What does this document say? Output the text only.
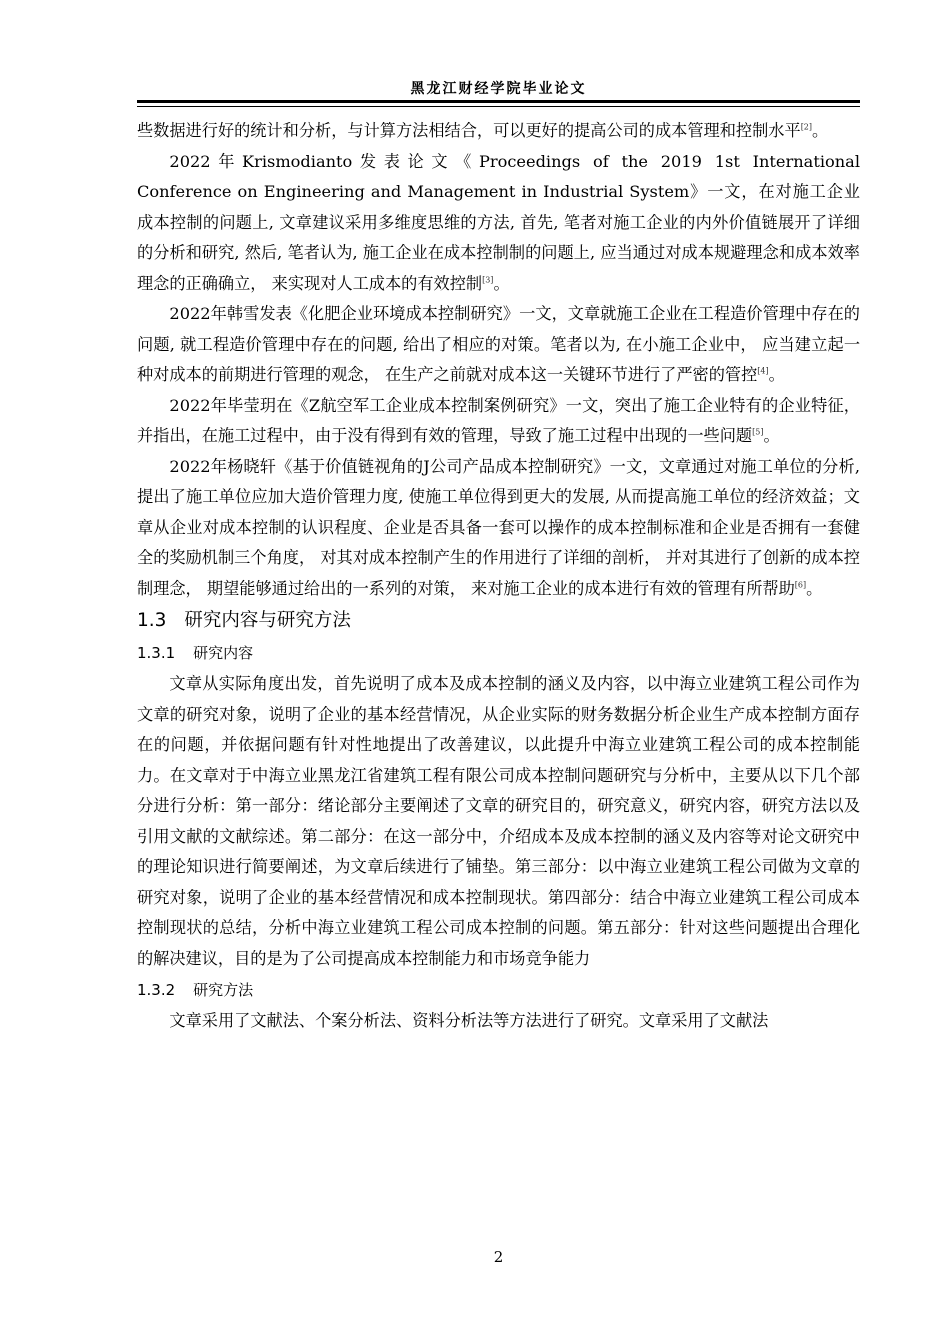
黑龙江财经学院毕业论文

些数据进行好的统计和分析，与计算方法相结合，可以更好的提高公司的成本管理和控制水平[2]。

2022年Krismodianto发表论文《Proceedings of the 2019 1st International Conference on Engineering and Management in Industrial System》一文，在对施工企业成本控制的问题上, 文章建议采用多维度思维的方法, 首先, 笔者对施工企业的内外价值链展开了详细的分析和研究, 然后, 笔者认为, 施工企业在成本控制制的问题上, 应当通过对成本规避理念和成本效率理念的正确确立， 来实现对人工成本的有效控制[3]。

2022年韩雪发表《化肥企业环境成本控制研究》一文，文章就施工企业在工程造价管理中存在的问题, 就工程造价管理中存在的问题, 给出了相应的对策。笔者以为, 在小施工企业中， 应当建立起一种对成本的前期进行管理的观念， 在生产之前就对成本这一关键环节进行了严密的管控[4]。

2022年毕莹玥在《Z航空军工企业成本控制案例研究》一文，突出了施工企业特有的企业特征，并指出，在施工过程中，由于没有得到有效的管理，导致了施工过程中出现的一些问题[5]。

2022年杨晓轩《基于价值链视角的J公司产品成本控制研究》一文，文章通过对施工单位的分析, 提出了施工单位应加大造价管理力度, 使施工单位得到更大的发展, 从而提高施工单位的经济效益；文章从企业对成本控制的认识程度、企业是否具备一套可以操作的成本控制标准和企业是否拥有一套健全的奖励机制三个角度， 对其对成本控制产生的作用进行了详细的剖析， 并对其进行了创新的成本控制理念， 期望能够通过给出的一系列的对策， 来对施工企业的成本进行有效的管理有所帮助[6]。

1.3 研究内容与研究方法
1.3.1 研究内容

文章从实际角度出发，首先说明了成本及成本控制的涵义及内容，以中海立业建筑工程公司作为文章的研究对象，说明了企业的基本经营情况，从企业实际的财务数据分析企业生产成本控制方面存在的问题，并依据问题有针对性地提出了改善建议，以此提升中海立业建筑工程公司的成本控制能力。在文章对于中海立业黑龙江省建筑工程有限公司成本控制问题研究与分析中，主要从以下几个部分进行分析：第一部分：绪论部分主要阐述了文章的研究目的，研究意义，研究内容，研究方法以及引用文献的文献综述。第二部分：在这一部分中，介绍成本及成本控制的涵义及内容等对论文研究中的理论知识进行简要阐述，为文章后续进行了铺垫。第三部分：以中海立业建筑工程公司做为文章的研究对象，说明了企业的基本经营情况和成本控制现状。第四部分：结合中海立业建筑工程公司成本控制现状的总结，分析中海立业建筑工程公司成本控制的问题。第五部分：针对这些问题提出合理化的解决建议，目的是为了公司提高成本控制能力和市场竞争能力

1.3.2 研究方法

文章采用了文献法、个案分析法、资料分析法等方法进行了研究。文章采用了文献法

2
